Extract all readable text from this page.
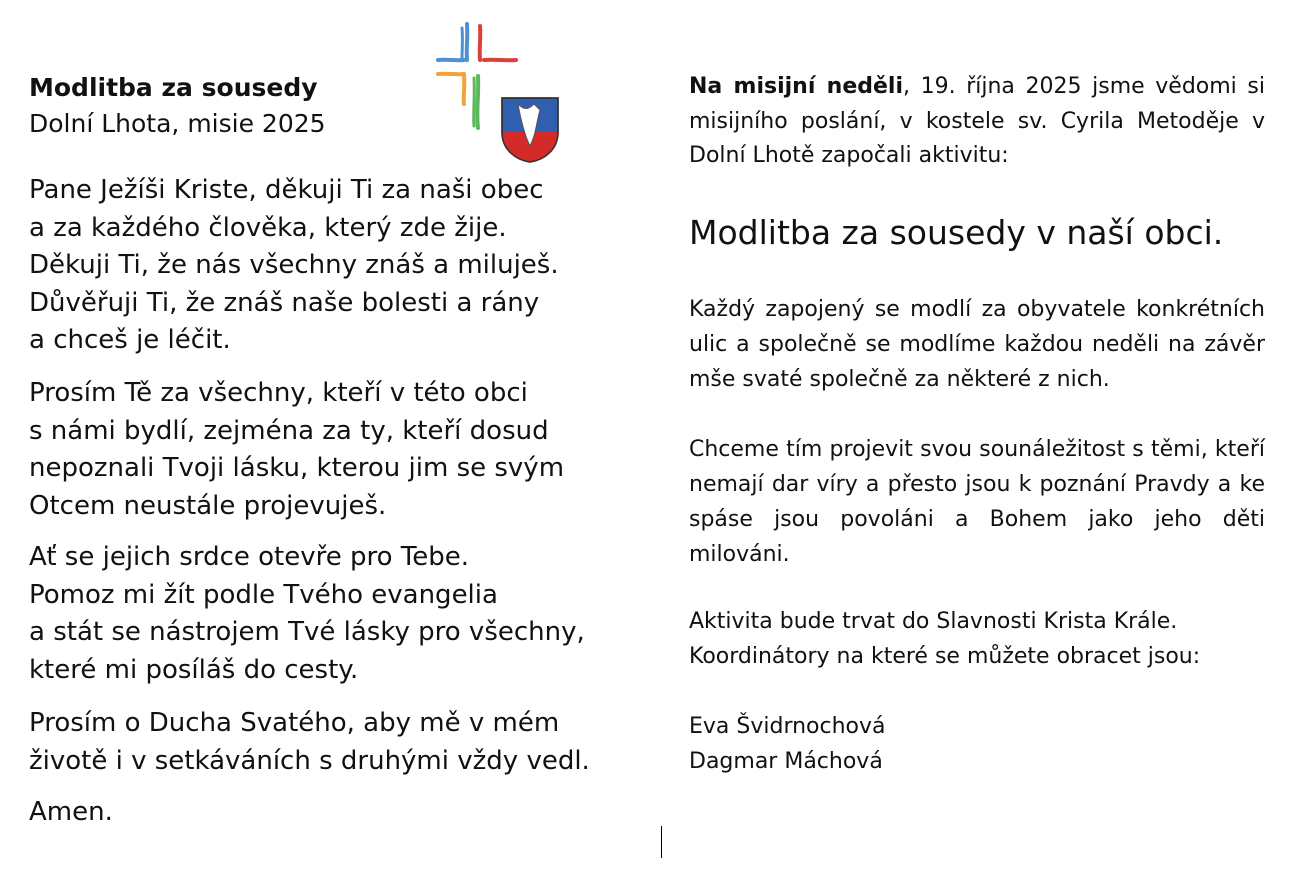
Modlitba za sousedy

Dolní Lhota, misie 2025

Pane Ježíši Kriste, děkuji Ti za naši obec
a za každého člověka, který zde žije.
Děkuji Ti, že nás všechny znáš a miluješ.
Důvěřuji Ti, že znáš naše bolesti a rány
a chceš je léčit.

Prosím Tě za všechny, kteří v této obci
s námi bydlí, zejména za ty, kteří dosud
nepoznali Tvoji lásku, kterou jim se svým
Otcem neustále projevuješ.

Ať se jejich srdce otevře pro Tebe.
Pomoz mi žít podle Tvého evangelia
a stát se nástrojem Tvé lásky pro všechny,
které mi posíláš do cesty.

Prosím o Ducha Svatého, aby mě v mém
životě i v setkáváních s druhými vždy vedl.

Amen.

Na misijní neděli, 19. října 2025 jsme vědomi si misijního poslání, v kostele sv. Cyrila Metoděje v Dolní Lhotě započali aktivitu:

Modlitba za sousedy v naší obci.

Každý zapojený se modlí za obyvatele konkrétních ulic a společně se modlíme každou neděli na závěr mše svaté společně za některé z nich.

Chceme tím projevit svou sounáležitost s těmi, kteří nemají dar víry a přesto jsou k poznání Pravdy a ke spáse jsou povoláni a Bohem jako jeho děti milováni.

Aktivita bude trvat do Slavnosti Krista Krále.
Koordinátory na které se můžete obracet jsou:

Eva Švidrnochová
Dagmar Máchová
